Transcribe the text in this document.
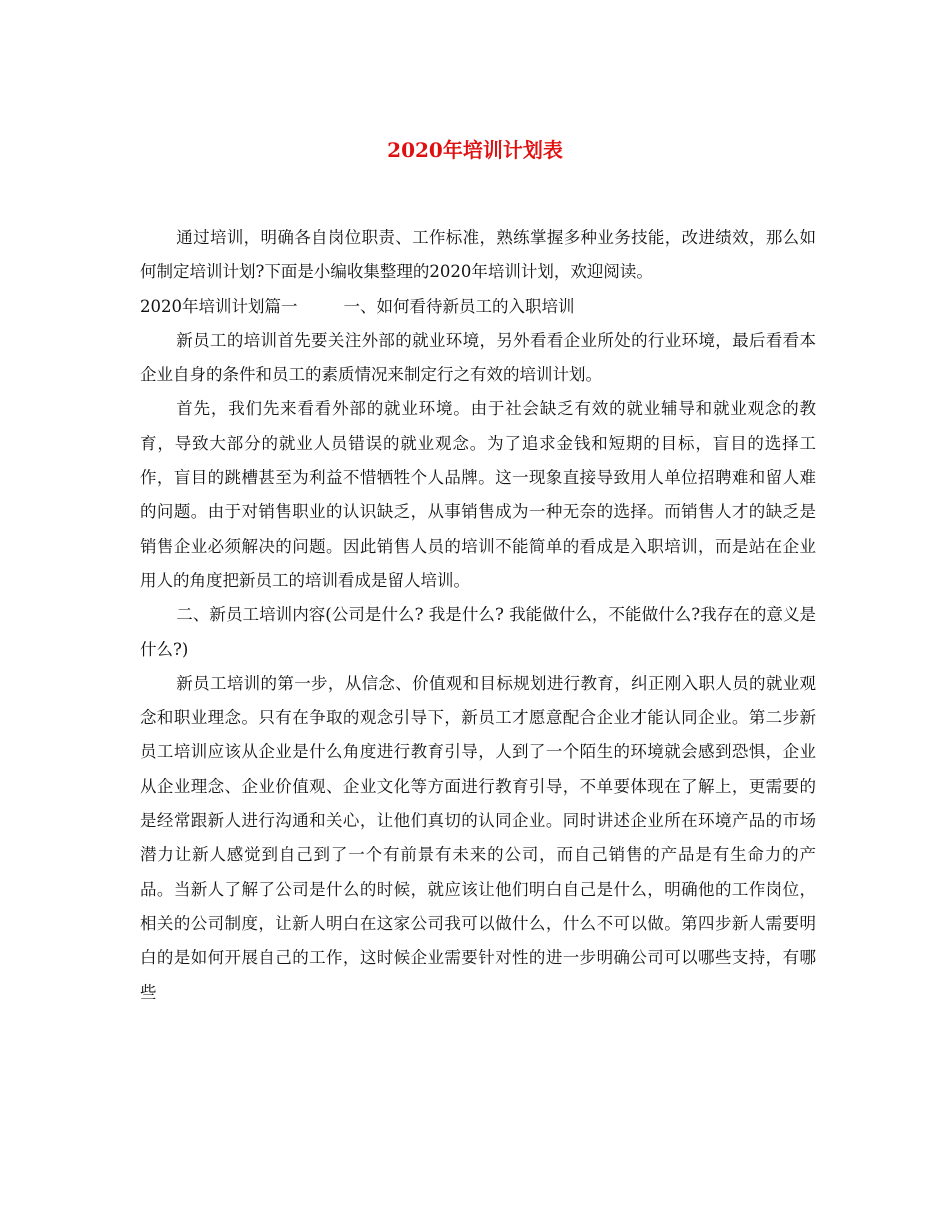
2020年培训计划表

通过培训，明确各自岗位职责、工作标准，熟练掌握多种业务技能，改进绩效，那么如何制定培训计划?下面是小编收集整理的2020年培训计划，欢迎阅读。

2020年培训计划篇一	一、如何看待新员工的入职培训

新员工的培训首先要关注外部的就业环境，另外看看企业所处的行业环境，最后看看本企业自身的条件和员工的素质情况来制定行之有效的培训计划。

首先，我们先来看看外部的就业环境。由于社会缺乏有效的就业辅导和就业观念的教育，导致大部分的就业人员错误的就业观念。为了追求金钱和短期的目标，盲目的选择工作，盲目的跳槽甚至为利益不惜牺牲个人品牌。这一现象直接导致用人单位招聘难和留人难的问题。由于对销售职业的认识缺乏，从事销售成为一种无奈的选择。而销售人才的缺乏是销售企业必须解决的问题。因此销售人员的培训不能简单的看成是入职培训，而是站在企业用人的角度把新员工的培训看成是留人培训。

二、新员工培训内容(公司是什么? 我是什么? 我能做什么，不能做什么?我存在的意义是什么?)

新员工培训的第一步，从信念、价值观和目标规划进行教育，纠正刚入职人员的就业观念和职业理念。只有在争取的观念引导下，新员工才愿意配合企业才能认同企业。第二步新员工培训应该从企业是什么角度进行教育引导，人到了一个陌生的环境就会感到恐惧，企业从企业理念、企业价值观、企业文化等方面进行教育引导，不单要体现在了解上，更需要的是经常跟新人进行沟通和关心，让他们真切的认同企业。同时讲述企业所在环境产品的市场潜力让新人感觉到自己到了一个有前景有未来的公司，而自己销售的产品是有生命力的产品。当新人了解了公司是什么的时候，就应该让他们明白自己是什么，明确他的工作岗位，相关的公司制度，让新人明白在这家公司我可以做什么，什么不可以做。第四步新人需要明白的是如何开展自己的工作，这时候企业需要针对性的进一步明确公司可以哪些支持，有哪些
